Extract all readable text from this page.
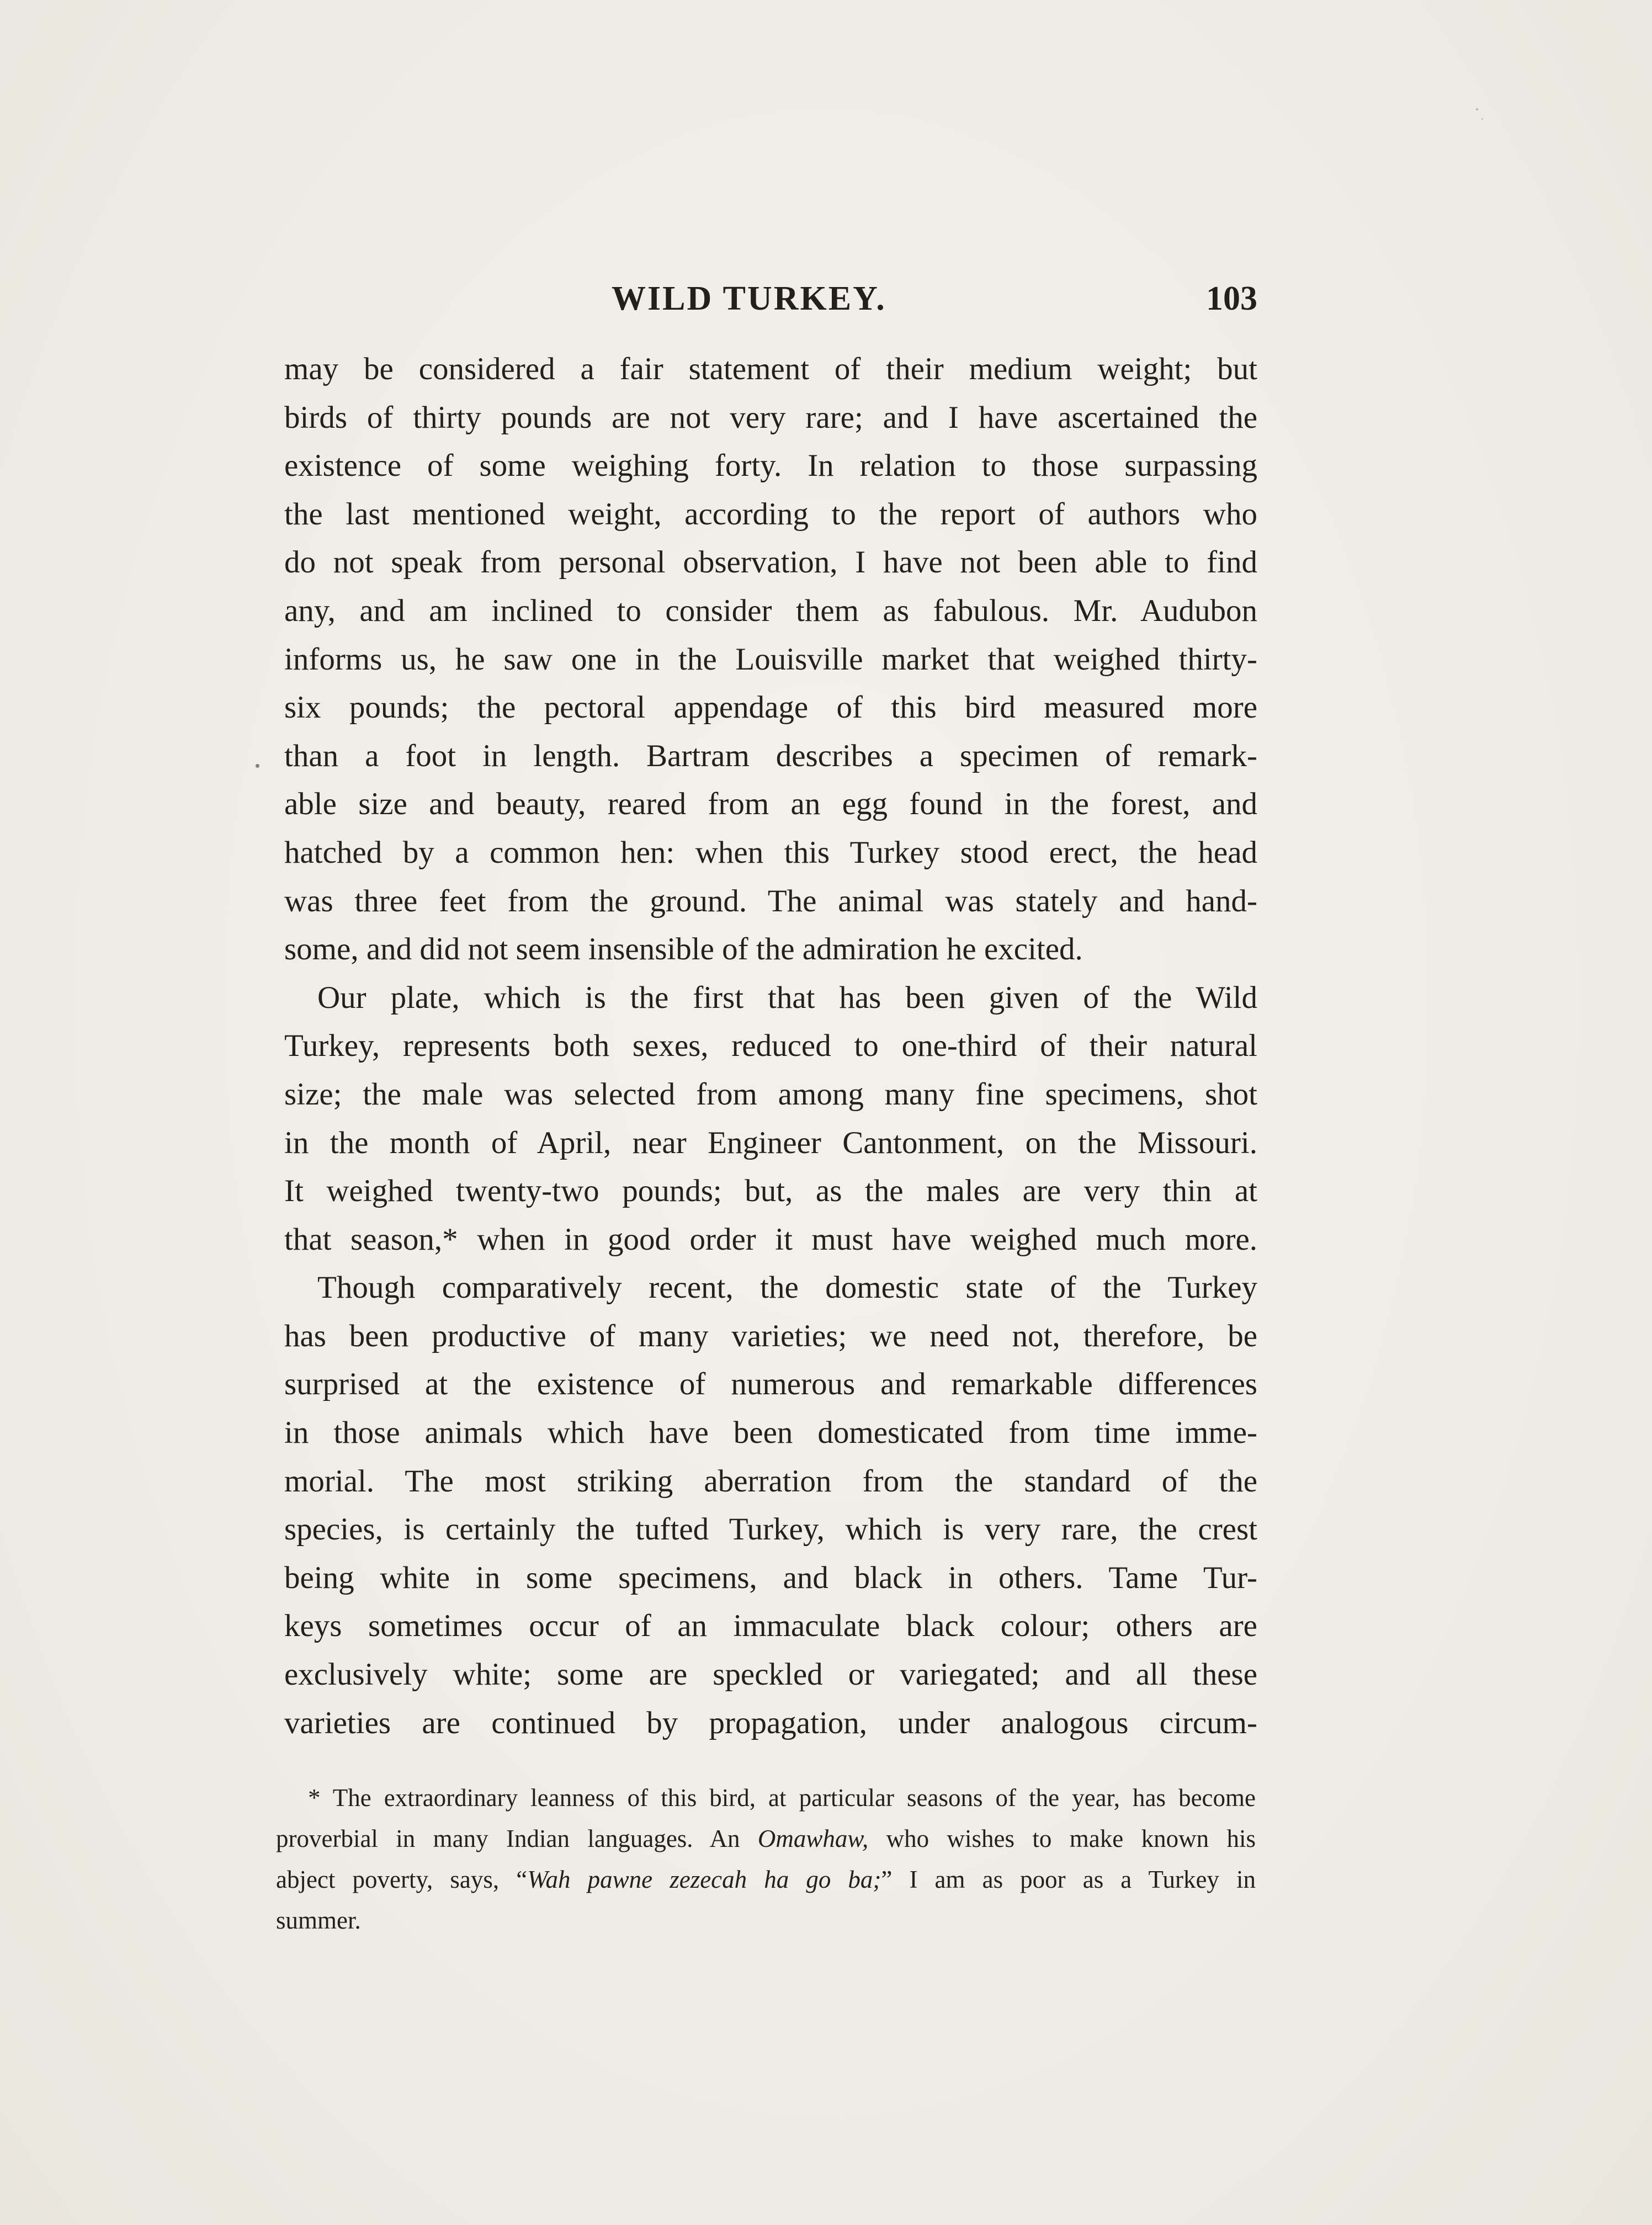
WILD TURKEY.	103
may be considered a fair statement of their medium weight; but
birds of thirty pounds are not very rare; and I have ascertained the
existence of some weighing forty. In relation to those surpassing
the last mentioned weight, according to the report of authors who
do not speak from personal observation, I have not been able to find
any, and am inclined to consider them as fabulous. Mr. Audubon
informs us, he saw one in the Louisville market that weighed thirty-
six pounds; the pectoral appendage of this bird measured more
than a foot in length. Bartram describes a specimen of remark-
able size and beauty, reared from an egg found in the forest, and
hatched by a common hen: when this Turkey stood erect, the head
was three feet from the ground. The animal was stately and hand-
some, and did not seem insensible of the admiration he excited.
Our plate, which is the first that has been given of the Wild
Turkey, represents both sexes, reduced to one-third of their natural
size; the male was selected from among many fine specimens, shot
in the month of April, near Engineer Cantonment, on the Missouri.
It weighed twenty-two pounds; but, as the males are very thin at
that season,* when in good order it must have weighed much more.
Though comparatively recent, the domestic state of the Turkey
has been productive of many varieties; we need not, therefore, be
surprised at the existence of numerous and remarkable differences
in those animals which have been domesticated from time imme-
morial. The most striking aberration from the standard of the
species, is certainly the tufted Turkey, which is very rare, the crest
being white in some specimens, and black in others. Tame Tur-
keys sometimes occur of an immaculate black colour; others are
exclusively white; some are speckled or variegated; and all these
varieties are continued by propagation, under analogous circum-
* The extraordinary leanness of this bird, at particular seasons of the year, has become
proverbial in many Indian languages. An Omawhaw, who wishes to make known his
abject poverty, says, “Wah pawne zezecah ha go ba;” I am as poor as a Turkey in
summer.
